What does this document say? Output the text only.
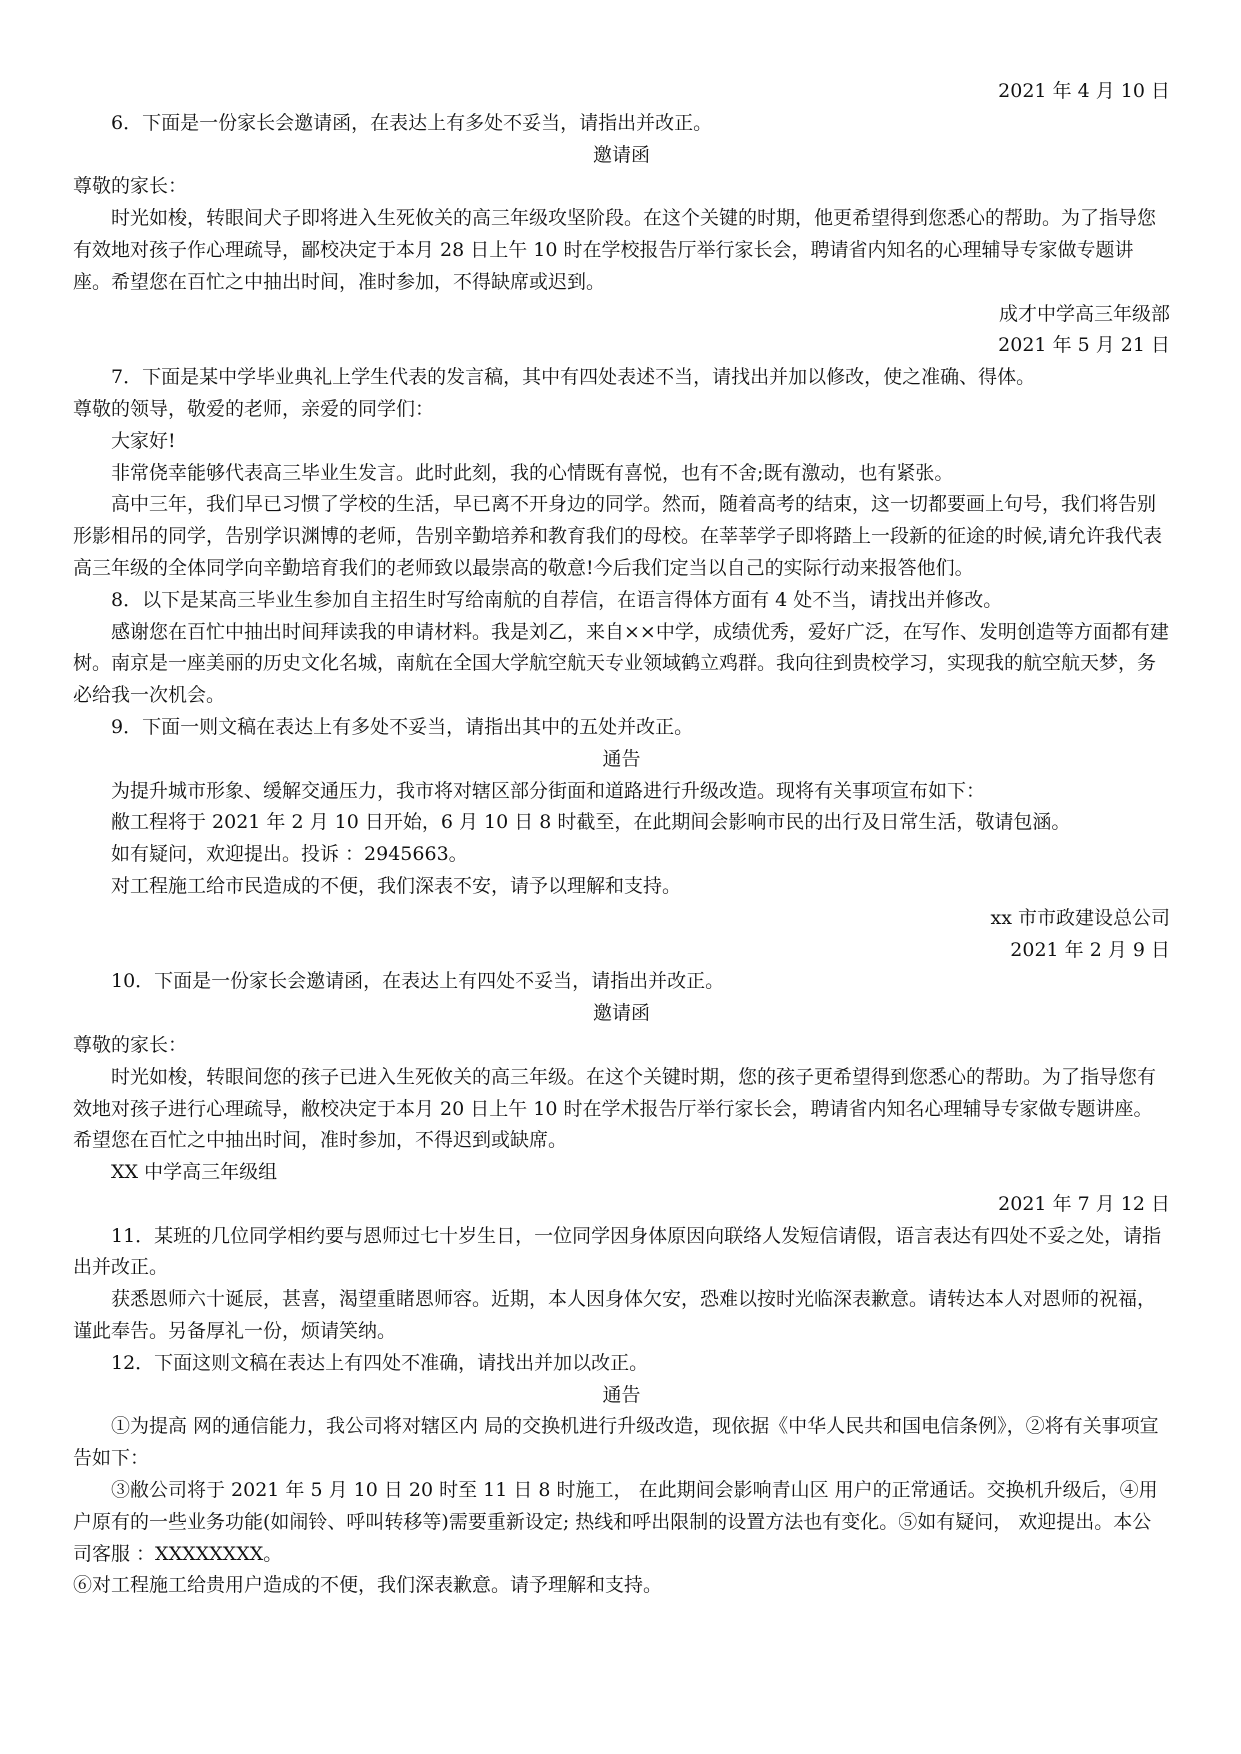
2021 年 4 月 10 日

6．下面是一份家长会邀请函，在表达上有多处不妥当，请指出并改正。

邀请函

尊敬的家长：

时光如梭，转眼间犬子即将进入生死攸关的高三年级攻坚阶段。在这个关键的时期，他更希望得到您悉心的帮助。为了指导您有效地对孩子作心理疏导，鄙校决定于本月 28 日上午 10 时在学校报告厅举行家长会，聘请省内知名的心理辅导专家做专题讲座。希望您在百忙之中抽出时间，准时参加，不得缺席或迟到。

成才中学高三年级部

2021 年 5 月 21 日

7．下面是某中学毕业典礼上学生代表的发言稿，其中有四处表述不当，请找出并加以修改，使之准确、得体。

尊敬的领导，敬爱的老师，亲爱的同学们：

大家好!

非常侥幸能够代表高三毕业生发言。此时此刻，我的心情既有喜悦，也有不舍;既有激动，也有紧张。

高中三年，我们早已习惯了学校的生活，早已离不开身边的同学。然而，随着高考的结束，这一切都要画上句号，我们将告别形影相吊的同学，告别学识渊博的老师，告别辛勤培养和教育我们的母校。在莘莘学子即将踏上一段新的征途的时候,请允许我代表高三年级的全体同学向辛勤培育我们的老师致以最崇高的敬意!今后我们定当以自己的实际行动来报答他们。

8．以下是某高三毕业生参加自主招生时写给南航的自荐信，在语言得体方面有 4 处不当，请找出并修改。

感谢您在百忙中抽出时间拜读我的申请材料。我是刘乙，来自××中学，成绩优秀，爱好广泛，在写作、发明创造等方面都有建树。南京是一座美丽的历史文化名城，南航在全国大学航空航天专业领域鹤立鸡群。我向往到贵校学习，实现我的航空航天梦，务必给我一次机会。

9．下面一则文稿在表达上有多处不妥当，请指出其中的五处并改正。

通告

为提升城市形象、缓解交通压力，我市将对辖区部分街面和道路进行升级改造。现将有关事项宣布如下：

敝工程将于 2021 年 2 月 10 日开始，6 月 10 日 8 时截至，在此期间会影响市民的出行及日常生活，敬请包涵。

如有疑问，欢迎提出。投诉 ：2945663。

对工程施工给市民造成的不便，我们深表不安，请予以理解和支持。

xx 市市政建设总公司

2021 年 2 月 9 日

10．下面是一份家长会邀请函，在表达上有四处不妥当，请指出并改正。

邀请函

尊敬的家长：

时光如梭，转眼间您的孩子已进入生死攸关的高三年级。在这个关键时期，您的孩子更希望得到您悉心的帮助。为了指导您有效地对孩子进行心理疏导，敝校决定于本月 20 日上午 10 时在学术报告厅举行家长会，聘请省内知名心理辅导专家做专题讲座。希望您在百忙之中抽出时间，准时参加，不得迟到或缺席。

XX 中学高三年级组

2021 年 7 月 12 日

11．某班的几位同学相约要与恩师过七十岁生日，一位同学因身体原因向联络人发短信请假，语言表达有四处不妥之处，请指出并改正。

获悉恩师六十诞辰，甚喜，渴望重睹恩师容。近期，本人因身体欠安，恐难以按时光临深表歉意。请转达本人对恩师的祝福，谨此奉告。另备厚礼一份，烦请笑纳。

12．下面这则文稿在表达上有四处不准确，请找出并加以改正。

通告

①为提高 网的通信能力，我公司将对辖区内 局的交换机进行升级改造，现依据《中华人民共和国电信条例》，②将有关事项宣告如下：

③敝公司将于 2021 年 5 月 10 日 20 时至 11 日 8 时施工， 在此期间会影响青山区 用户的正常通话。交换机升级后，④用户原有的一些业务功能(如闹铃、呼叫转移等)需要重新设定; 热线和呼出限制的设置方法也有变化。⑤如有疑问， 欢迎提出。本公司客服 ：XXXXXXXX。

⑥对工程施工给贵用户造成的不便，我们深表歉意。请予理解和支持。
